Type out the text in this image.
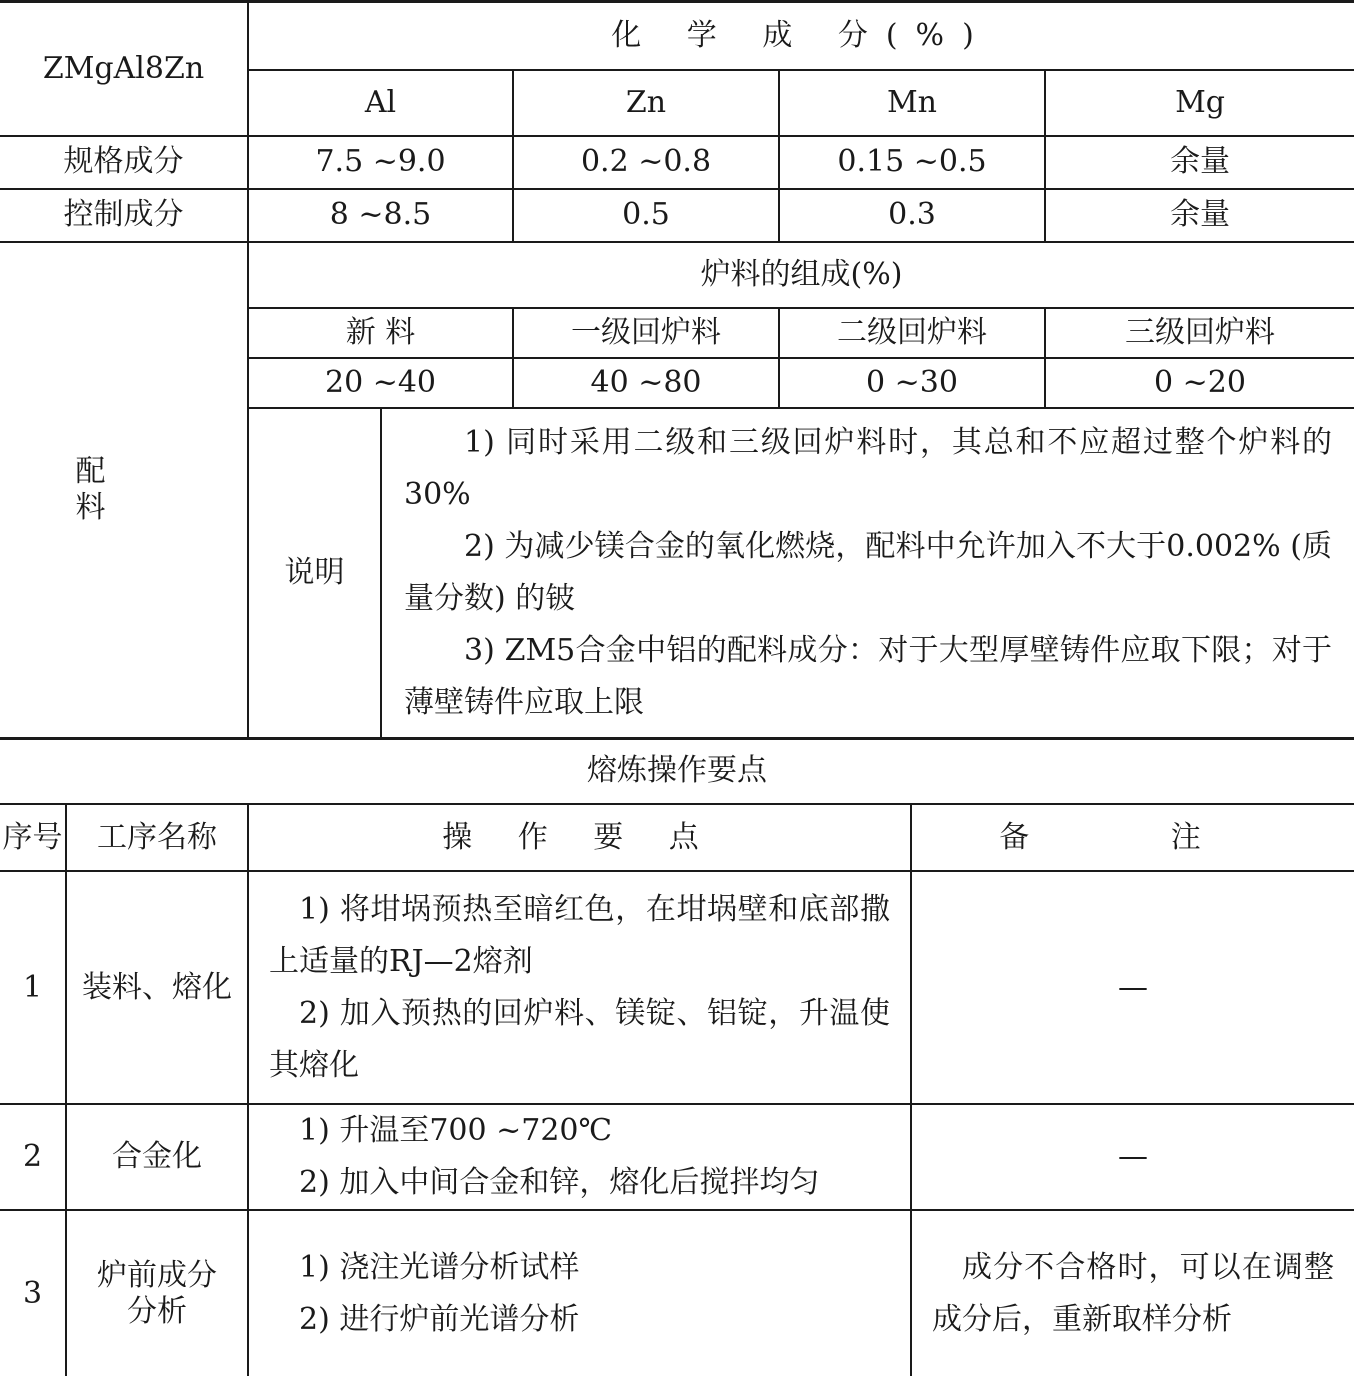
ZMgAl8Zn	化 学 成 分(%)				
	Al		Zn	Mn	Mg
规格成分	7.5 ~9.0		0.2 ~0.8	0.15 ~0.5	余量
控制成分	8 ~8.5		0.5	0.3	余量
配 料	炉料的组成(%)				
	新 料		一级回炉料	二级回炉料	三级回炉料
	20 ~40		40 ~80	0 ~30	0 ~20
	说明	1) 同时采用二级和三级回炉料时，其总和不应超过整个炉料的30%

2) 为减少镁合金的氧化燃烧，配料中允许加入不大于0.002% (质量分数) 的铍

3) ZM5合金中铝的配料成分：对于大型厚壁铸件应取下限；对于薄壁铸件应取上限			

熔炼操作要点			
序号	工序名称	操 作 要 点	备 注
1	装料、熔化	1) 将坩埚预热至暗红色，在坩埚壁和底部撒上适量的RJ—2熔剂

2) 加入预热的回炉料、镁锭、铝锭，升温使其熔化	—
2	合金化	1) 升温至700 ~720℃

2) 加入中间合金和锌，熔化后搅拌均匀	—
3	炉前成分分析	1) 浇注光谱分析试样

2) 进行炉前光谱分析	成分不合格时，可以在调整成分后，重新取样分析
